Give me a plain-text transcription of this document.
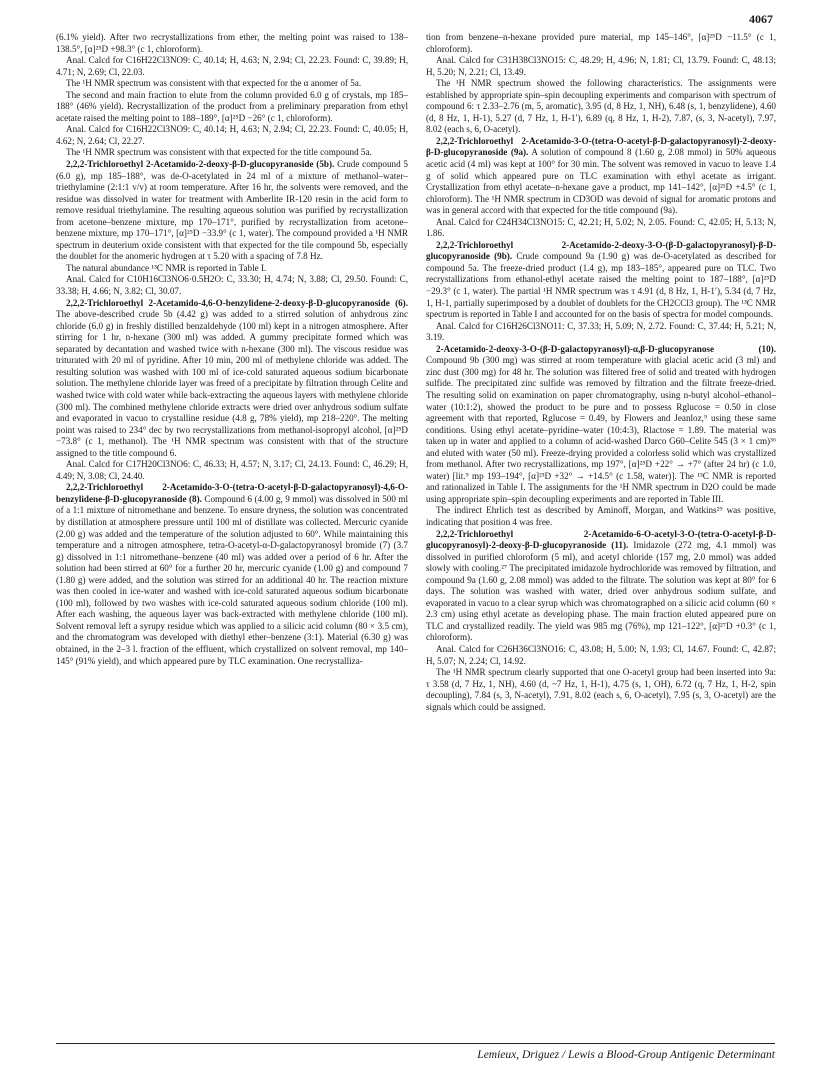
4067

(6.1% yield). After two recrystallizations from ether, the melting point was raised to 138–138.5°, [α]²⁵D +98.3° (c 1, chloroform).

Anal. Calcd for C16H22Cl3NO9: C, 40.14; H, 4.63; N, 2.94; Cl, 22.23. Found: C, 39.89; H, 4.71; N, 2.69; Cl, 22.03.

The ¹H NMR spectrum was consistent with that expected for the α anomer of 5a.

The second and main fraction to elute from the column provided 6.0 g of crystals, mp 185–188° (46% yield). Recrystallization of the product from a preliminary preparation from ethyl acetate raised the melting point to 188–189°, [α]²⁵D −26° (c 1, chloroform).

Anal. Calcd for C16H22Cl3NO9: C, 40.14; H, 4.63; N, 2.94; Cl, 22.23. Found: C, 40.05; H, 4.62; N, 2.64; Cl, 22.27.

The ¹H NMR spectrum was consistent with that expected for the title compound 5a.

2,2,2-Trichloroethyl 2-Acetamido-2-deoxy-β-D-glucopyranoside (5b). Crude compound 5 (6.0 g), mp 185–188°, was de-O-acetylated in 24 ml of a mixture of methanol–water–triethylamine (2:1:1 v/v) at room temperature. After 16 hr, the solvents were removed, and the residue was dissolved in water for treatment with Amberlite IR-120 resin in the acid form to remove residual triethylamine. The resulting aqueous solution was purified by recrystallization from acetone–benzene mixture, mp 170–171°, purified by recrystallization from acetone–benzene mixture, mp 170–171°, [α]²⁵D −33.9° (c 1, water). The compound provided a ¹H NMR spectrum in deuterium oxide consistent with that expected for the tile compound 5b, especially the doublet for the anomeric hydrogen at τ 5.20 with a spacing of 7.8 Hz.

The natural abundance ¹³C NMR is reported in Table I.

Anal. Calcd for C10H16Cl3NO6·0.5H2O: C, 33.30; H, 4.74; N, 3.88; Cl, 29.50. Found: C, 33.38; H, 4.66; N, 3.82; Cl, 30.07.

2,2,2-Trichloroethyl 2-Acetamido-4,6-O-benzylidene-2-deoxy-β-D-glucopyranoside (6). The above-described crude 5b (4.42 g) was added to a stirred solution of anhydrous zinc chloride (6.0 g) in freshly distilled benzaldehyde (100 ml) kept in a nitrogen atmosphere. After stirring for 1 hr, n-hexane (300 ml) was added. A gummy precipitate formed which was separated by decantation and washed twice with n-hexane (300 ml). The viscous residue was triturated with 20 ml of pyridine. After 10 min, 200 ml of methylene chloride was added. The resulting solution was washed with 100 ml of ice-cold saturated aqueous sodium bicarbonate solution. The methylene chloride layer was freed of a precipitate by filtration through Celite and washed twice with cold water while back-extracting the aqueous layers with methylene chloride (300 ml). The combined methylene chloride extracts were dried over anhydrous sodium sulfate and evaporated in vacuo to crystalline residue (4.8 g, 78% yield), mp 218–220°. The melting point was raised to 234° dec by two recrystallizations from methanol-isopropyl alcohol, [α]²⁵D −73.8° (c 1, methanol). The ¹H NMR spectrum was consistent with that of the structure assigned to the title compound 6.

Anal. Calcd for C17H20Cl3NO6: C, 46.33; H, 4.57; N, 3.17; Cl, 24.13. Found: C, 46.29; H, 4.49; N, 3.08; Cl, 24.40.

2,2,2-Trichloroethyl 2-Acetamido-3-O-(tetra-O-acetyl-β-D-galactopyranosyl)-4,6-O-benzylidene-β-D-glucopyranoside (8). Compound 6 (4.00 g, 9 mmol) was dissolved in 500 ml of a 1:1 mixture of nitromethane and benzene. To ensure dryness, the solution was concentrated by distillation at atmosphere pressure until 100 ml of distillate was collected. Mercuric cyanide (2.00 g) was added and the temperature of the solution adjusted to 60°. While maintaining this temperature and a nitrogen atmosphere, tetra-O-acetyl-α-D-galactopyranosyl bromide (7) (3.7 g) dissolved in 1:1 nitromethane–benzene (40 ml) was added over a period of 6 hr. After the solution had been stirred at 60° for a further 20 hr, mercuric cyanide (1.00 g) and compound 7 (1.80 g) were added, and the solution was stirred for an additional 40 hr. The reaction mixture was then cooled in ice-water and washed with ice-cold saturated aqueous sodium bicarbonate (100 ml), followed by two washes with ice-cold saturated aqueous sodium chloride (100 ml). After each washing, the aqueous layer was back-extracted with methylene chloride (100 ml). Solvent removal left a syrupy residue which was applied to a silicic acid column (80 × 3.5 cm), and the chromatogram was developed with diethyl ether–benzene (3:1). Material (6.30 g) was obtained, in the 2–3 l. fraction of the effluent, which crystallized on solvent removal, mp 140–145° (91% yield), and which appeared pure by TLC examination. One recrystalliza-

tion from benzene–n-hexane provided pure material, mp 145–146°, [α]²⁵D −11.5° (c 1, chloroform).

Anal. Calcd for C31H38Cl3NO15: C, 48.29; H, 4.96; N, 1.81; Cl, 13.79. Found: C, 48.13; H, 5.20; N, 2.21; Cl, 13.49.

The ¹H NMR spectrum showed the following characteristics. The assignments were established by appropriate spin–spin decoupling experiments and comparison with spectrum of compound 6: τ 2.33–2.76 (m, 5, aromatic), 3.95 (d, 8 Hz, 1, NH), 6.48 (s, 1, benzylidene), 4.60 (d, 8 Hz, 1, H-1), 5.27 (d, 7 Hz, 1, H-1′), 6.89 (q, 8 Hz, 1, H-2), 7.87, (s, 3, N-acetyl), 7.97, 8.02 (each s, 6, O-acetyl).

2,2,2-Trichloroethyl 2-Acetamido-3-O-(tetra-O-acetyl-β-D-galactopyranosyl)-2-deoxy-β-D-glucopyranoside (9a). A solution of compound 8 (1.60 g, 2.08 mmol) in 50% aqueous acetic acid (4 ml) was kept at 100° for 30 min. The solvent was removed in vacuo to leave 1.4 g of solid which appeared pure on TLC examination with ethyl acetate as irrigant. Crystallization from ethyl acetate–n-hexane gave a product, mp 141–142°, [α]²¹D +4.5° (c 1, chloroform). The ¹H NMR spectrum in CD3OD was devoid of signal for aromatic protons and was in general accord with that expected for the title compound (9a).

Anal. Calcd for C24H34Cl3NO15: C, 42.21; H, 5.02; N, 2.05. Found: C, 42.05; H, 5.13; N, 1.86.

2,2,2-Trichloroethyl 2-Acetamido-2-deoxy-3-O-(β-D-galactopyranosyl)-β-D-glucopyranoside (9b). Crude compound 9a (1.90 g) was de-O-acetylated as described for compound 5a. The freeze-dried product (1.4 g), mp 183–185°, appeared pure on TLC. Two recrystallizations from ethanol-ethyl acetate raised the melting point to 187–188°, [α]²⁵D −29.3° (c 1, water). The partial ¹H NMR spectrum was τ 4.91 (d, 8 Hz, 1, H-1′), 5.34 (d, 7 Hz, 1, H-1, partially superimposed by a doublet of doublets for the CH2CCl3 group). The ¹³C NMR spectrum is reported in Table I and accounted for on the basis of spectra for model compounds.

Anal. Calcd for C16H26Cl3NO11: C, 37.33; H, 5.09; N, 2.72. Found: C, 37.44; H, 5.21; N, 3.19.

2-Acetamido-2-deoxy-3-O-(β-D-galactopyranosyl)-α,β-D-glucopyranose (10). Compound 9b (300 mg) was stirred at room temperature with glacial acetic acid (3 ml) and zinc dust (300 mg) for 48 hr. The solution was filtered free of solid and treated with hydrogen sulfide. The precipitated zinc sulfide was removed by filtration and the filtrate freeze-dried. The resulting solid on examination on paper chromatography, using n-butyl alcohol–ethanol–water (10:1:2), showed the product to be pure and to possess Rglucose = 0.50 in close agreement with that reported, Rglucose = 0.49, by Flowers and Jeanloz,⁹ using these same conditions. Using ethyl acetate–pyridine–water (10:4:3), Rlactose = 1.89. The material was taken up in water and applied to a column of acid-washed Darco G60–Celite 545 (3 × 1 cm)³⁶ and eluted with water (50 ml). Freeze-drying provided a colorless solid which was crystallized from methanol. After two recrystallizations, mp 197°, [α]²⁵D +22° → +7° (after 24 hr) (c 1.0, water) [lit.⁹ mp 193–194°, [α]²³D +32° → +14.5° (c 1.58, water)]. The ¹³C NMR is reported and rationalized in Table I. The assignments for the ¹H NMR spectrum in D2O could be made using appropriate spin–spin decoupling experiments and are reported in Table III.

The indirect Ehrlich test as described by Aminoff, Morgan, and Watkins²⁹ was positive, indicating that position 4 was free.

2,2,2-Trichloroethyl 2-Acetamido-6-O-acetyl-3-O-(tetra-O-acetyl-β-D-glucopyranosyl)-2-deoxy-β-D-glucopyranoside (11). Imidazole (272 mg, 4.1 mmol) was dissolved in purified chloroform (5 ml), and acetyl chloride (157 mg, 2.0 mmol) was added slowly with cooling.²⁷ The precipitated imidazole hydrochloride was removed by filtration, and compound 9a (1.60 g, 2.08 mmol) was added to the filtrate. The solution was kept at 80° for 6 days. The solution was washed with water, dried over anhydrous sodium sulfate, and evaporated in vacuo to a clear syrup which was chromatographed on a silicic acid column (60 × 2.3 cm) using ethyl acetate as developing phase. The main fraction eluted appeared pure on TLC and crystallized readily. The yield was 985 mg (76%), mp 121–122°, [α]²⁷D +0.3° (c 1, chloroform).

Anal. Calcd for C26H36Cl3NO16: C, 43.08; H, 5.00; N, 1.93; Cl, 14.67. Found: C, 42.87; H, 5.07; N, 2.24; Cl, 14.92.

The ¹H NMR spectrum clearly supported that one O-acetyl group had been inserted into 9a: τ 3.58 (d, 7 Hz, 1, NH), 4.60 (d, ~7 Hz, 1, H-1), 4.75 (s, 1, OH), 6.72 (q, 7 Hz, 1, H-2, spin decoupling), 7.84 (s, 3, N-acetyl), 7.91, 8.02 (each s, 6, O-acetyl), 7.95 (s, 3, O-acetyl) are the signals which could be assigned.

Lemieux, Driguez / Lewis a Blood-Group Antigenic Determinant
